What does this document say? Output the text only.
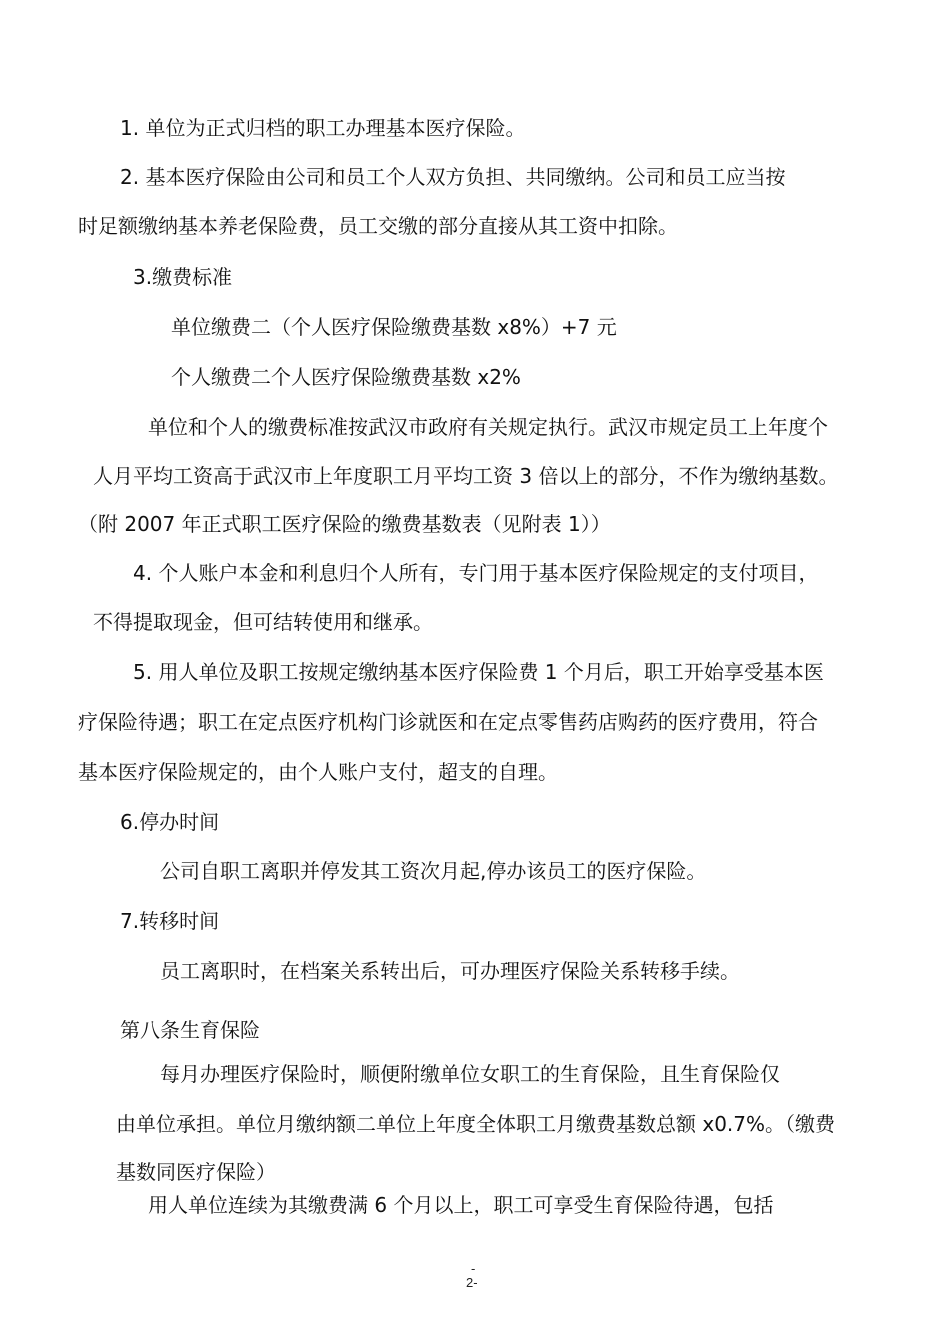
1. 单位为正式归档的职工办理基本医疗保险。
2. 基本医疗保险由公司和员工个人双方负担、共同缴纳。公司和员工应当按
时足额缴纳基本养老保险费，员工交缴的部分直接从其工资中扣除。
3.缴费标准
单位缴费二（个人医疗保险缴费基数 x8%）+7 元
个人缴费二个人医疗保险缴费基数 x2%
单位和个人的缴费标准按武汉市政府有关规定执行。武汉市规定员工上年度个
人月平均工资高于武汉市上年度职工月平均工资 3 倍以上的部分，不作为缴纳基数。
（附 2007 年正式职工医疗保险的缴费基数表（见附表 1））
4. 个人账户本金和利息归个人所有，专门用于基本医疗保险规定的支付项目，
不得提取现金，但可结转使用和继承。
5. 用人单位及职工按规定缴纳基本医疗保险费 1 个月后，职工开始享受基本医
疗保险待遇；职工在定点医疗机构门诊就医和在定点零售药店购药的医疗费用，符合
基本医疗保险规定的，由个人账户支付，超支的自理。
6.停办时间
公司自职工离职并停发其工资次月起,停办该员工的医疗保险。
7.转移时间
员工离职时，在档案关系转出后，可办理医疗保险关系转移手续。
第八条生育保险
每月办理医疗保险时，顺便附缴单位女职工的生育保险，且生育保险仅
由单位承担。单位月缴纳额二单位上年度全体职工月缴费基数总额 x0.7%。（缴费
基数同医疗保险）
用人单位连续为其缴费满 6 个月以上，职工可享受生育保险待遇，包括
-
2-
